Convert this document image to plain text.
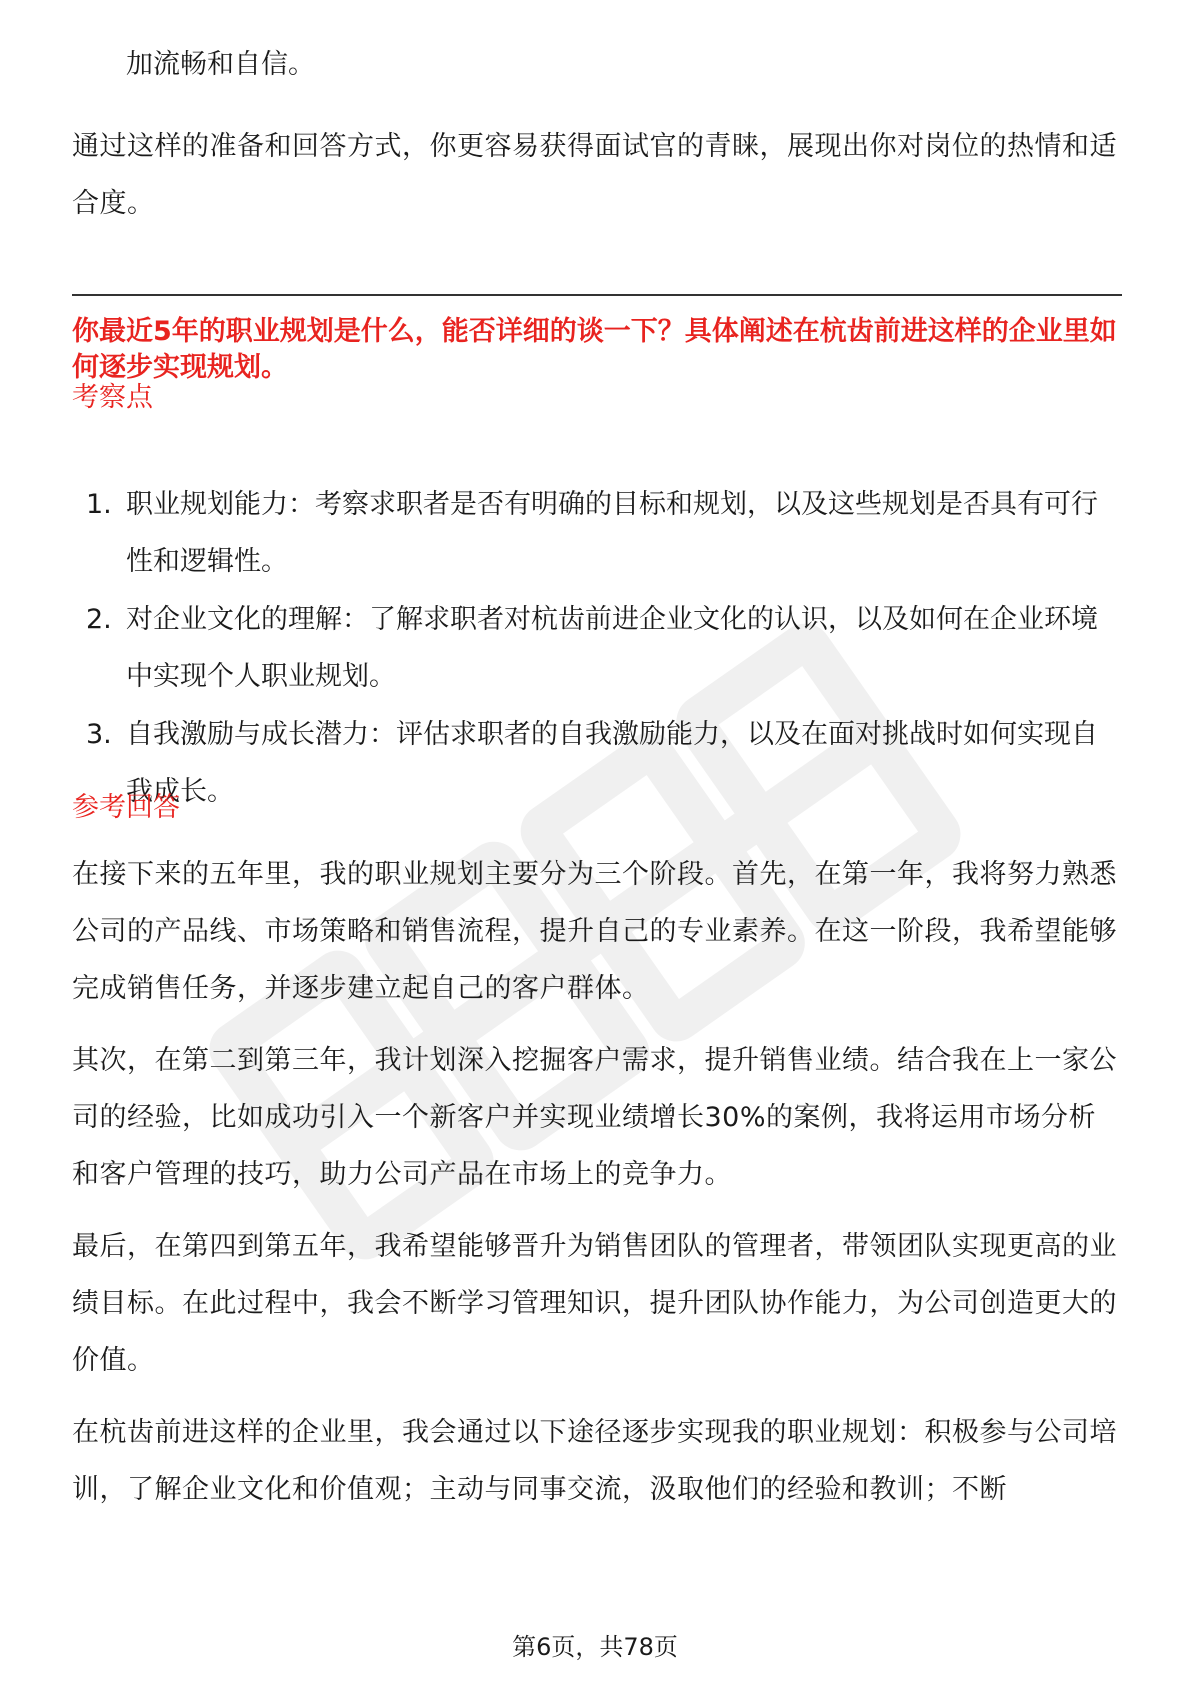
加流畅和自信。

通过这样的准备和回答方式，你更容易获得面试官的青睐，展现出你对岗位的热情和适合度。

你最近5年的职业规划是什么，能否详细的谈一下？具体阐述在杭齿前进这样的企业里如何逐步实现规划。

考察点

1. 职业规划能力：考察求职者是否有明确的目标和规划，以及这些规划是否具有可行性和逻辑性。
2. 对企业文化的理解：了解求职者对杭齿前进企业文化的认识，以及如何在企业环境中实现个人职业规划。
3. 自我激励与成长潜力：评估求职者的自我激励能力，以及在面对挑战时如何实现自我成长。

参考回答

在接下来的五年里，我的职业规划主要分为三个阶段。首先，在第一年，我将努力熟悉公司的产品线、市场策略和销售流程，提升自己的专业素养。在这一阶段，我希望能够完成销售任务，并逐步建立起自己的客户群体。

其次，在第二到第三年，我计划深入挖掘客户需求，提升销售业绩。结合我在上一家公司的经验，比如成功引入一个新客户并实现业绩增长30%的案例，我将运用市场分析和客户管理的技巧，助力公司产品在市场上的竞争力。

最后，在第四到第五年，我希望能够晋升为销售团队的管理者，带领团队实现更高的业绩目标。在此过程中，我会不断学习管理知识，提升团队协作能力，为公司创造更大的价值。

在杭齿前进这样的企业里，我会通过以下途径逐步实现我的职业规划：积极参与公司培训，了解企业文化和价值观；主动与同事交流，汲取他们的经验和教训；不断

第6页，共78页
